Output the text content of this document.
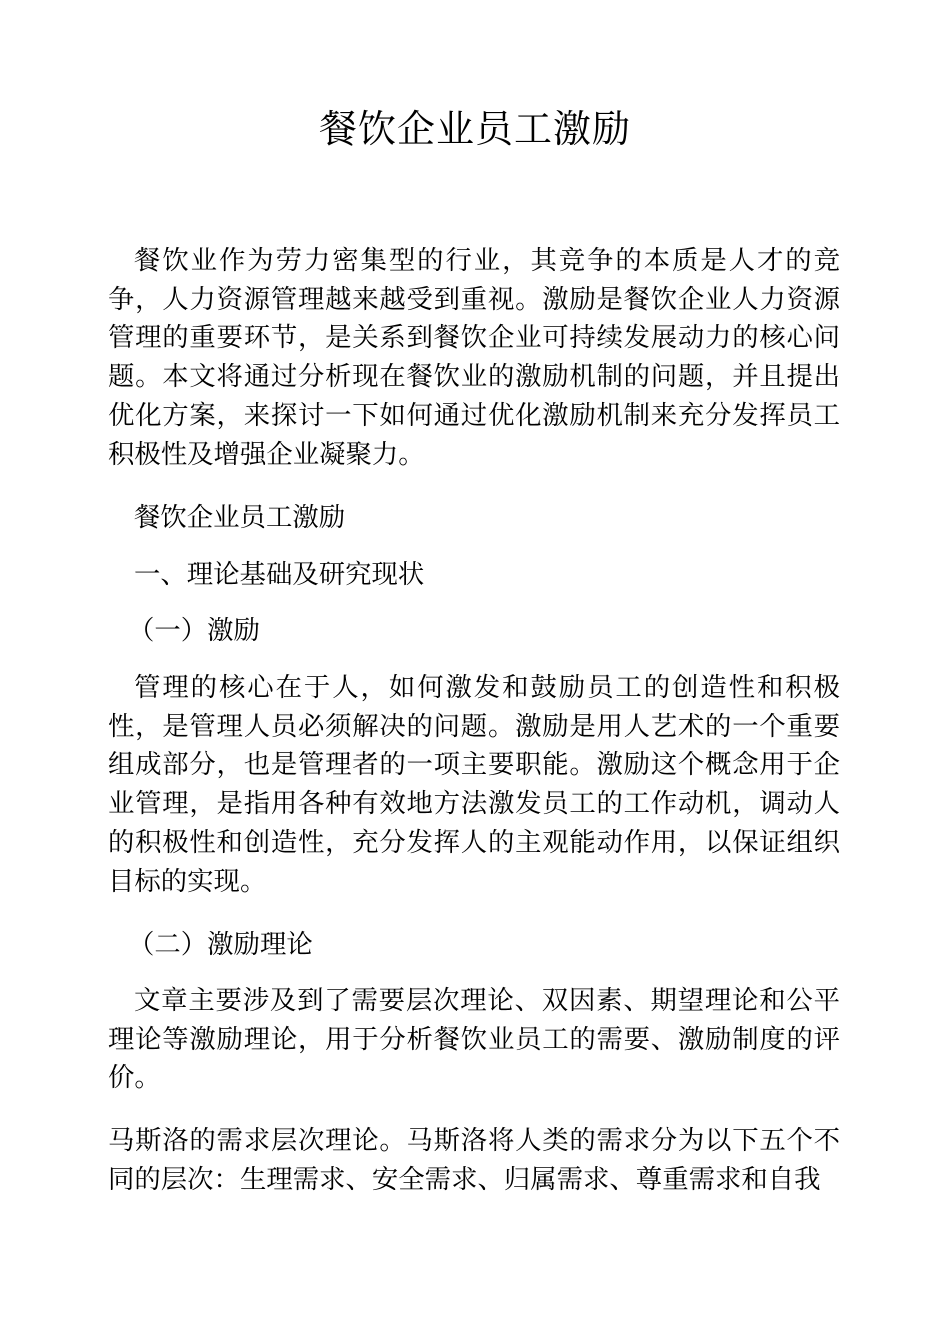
餐饮企业员工激励

餐饮业作为劳力密集型的行业，其竞争的本质是人才的竞争，人力资源管理越来越受到重视。激励是餐饮企业人力资源管理的重要环节，是关系到餐饮企业可持续发展动力的核心问题。本文将通过分析现在餐饮业的激励机制的问题，并且提出优化方案，来探讨一下如何通过优化激励机制来充分发挥员工积极性及增强企业凝聚力。

餐饮企业员工激励

一、理论基础及研究现状

（一）激励

管理的核心在于人，如何激发和鼓励员工的创造性和积极性，是管理人员必须解决的问题。激励是用人艺术的一个重要组成部分，也是管理者的一项主要职能。激励这个概念用于企业管理，是指用各种有效地方法激发员工的工作动机，调动人的积极性和创造性，充分发挥人的主观能动作用，以保证组织目标的实现。

（二）激励理论

文章主要涉及到了需要层次理论、双因素、期望理论和公平理论等激励理论，用于分析餐饮业员工的需要、激励制度的评价。

马斯洛的需求层次理论。马斯洛将人类的需求分为以下五个不同的层次：生理需求、安全需求、归属需求、尊重需求和自我
